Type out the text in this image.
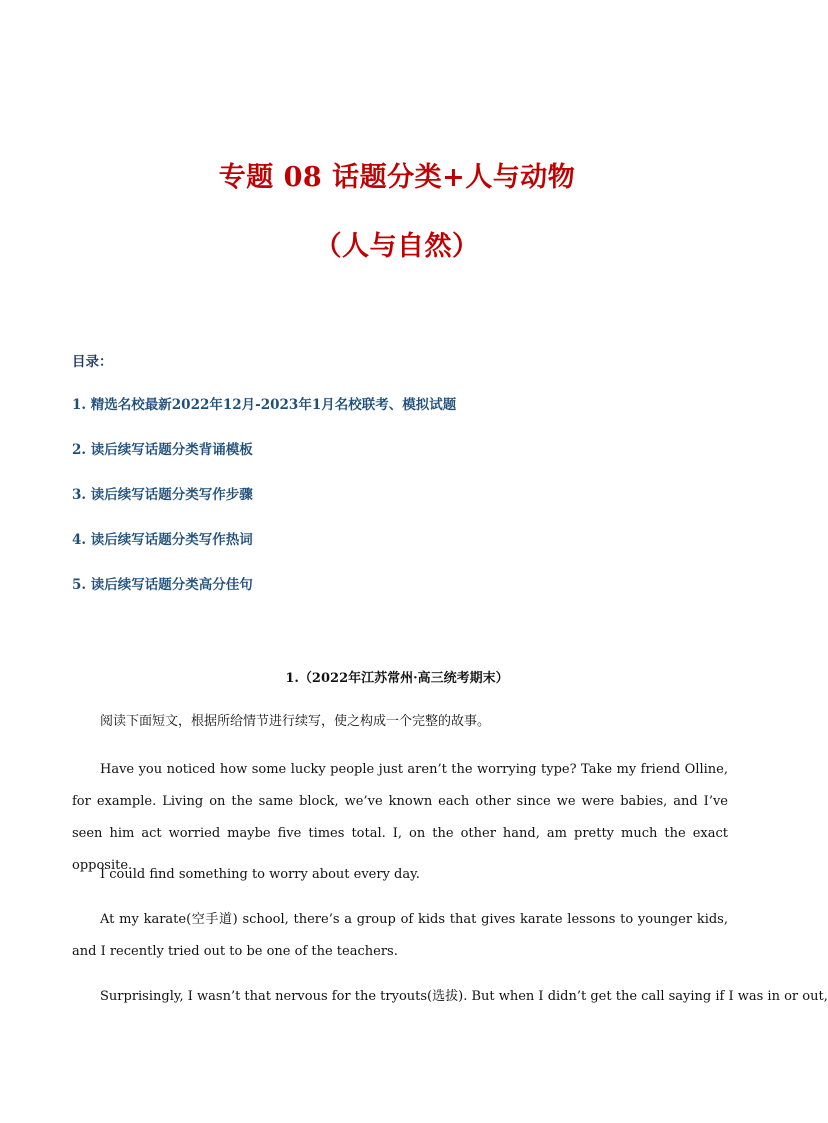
专题 08 话题分类+人与动物
（人与自然）
目录：
1. 精选名校最新2022年12月-2023年1月名校联考、模拟试题
2. 读后续写话题分类背诵模板
3. 读后续写话题分类写作步骤
4. 读后续写话题分类写作热词
5. 读后续写话题分类高分佳句
1.（2022年江苏常州·高三统考期末）
阅读下面短文，根据所给情节进行续写，使之构成一个完整的故事。
Have you noticed how some lucky people just aren’t the worrying type? Take my friend Olline, for example. Living on the same block, we’ve known each other since we were babies, and I’ve seen him act worried maybe five times total. I, on the other hand, am pretty much the exact opposite.
I could find something to worry about every day.
At my karate(空手道) school, there’s a group of kids that gives karate lessons to younger kids, and I recently tried out to be one of the teachers.
Surprisingly, I wasn’t that nervous for the tryouts(选拔). But when I didn’t get the call saying if I was in or out,
